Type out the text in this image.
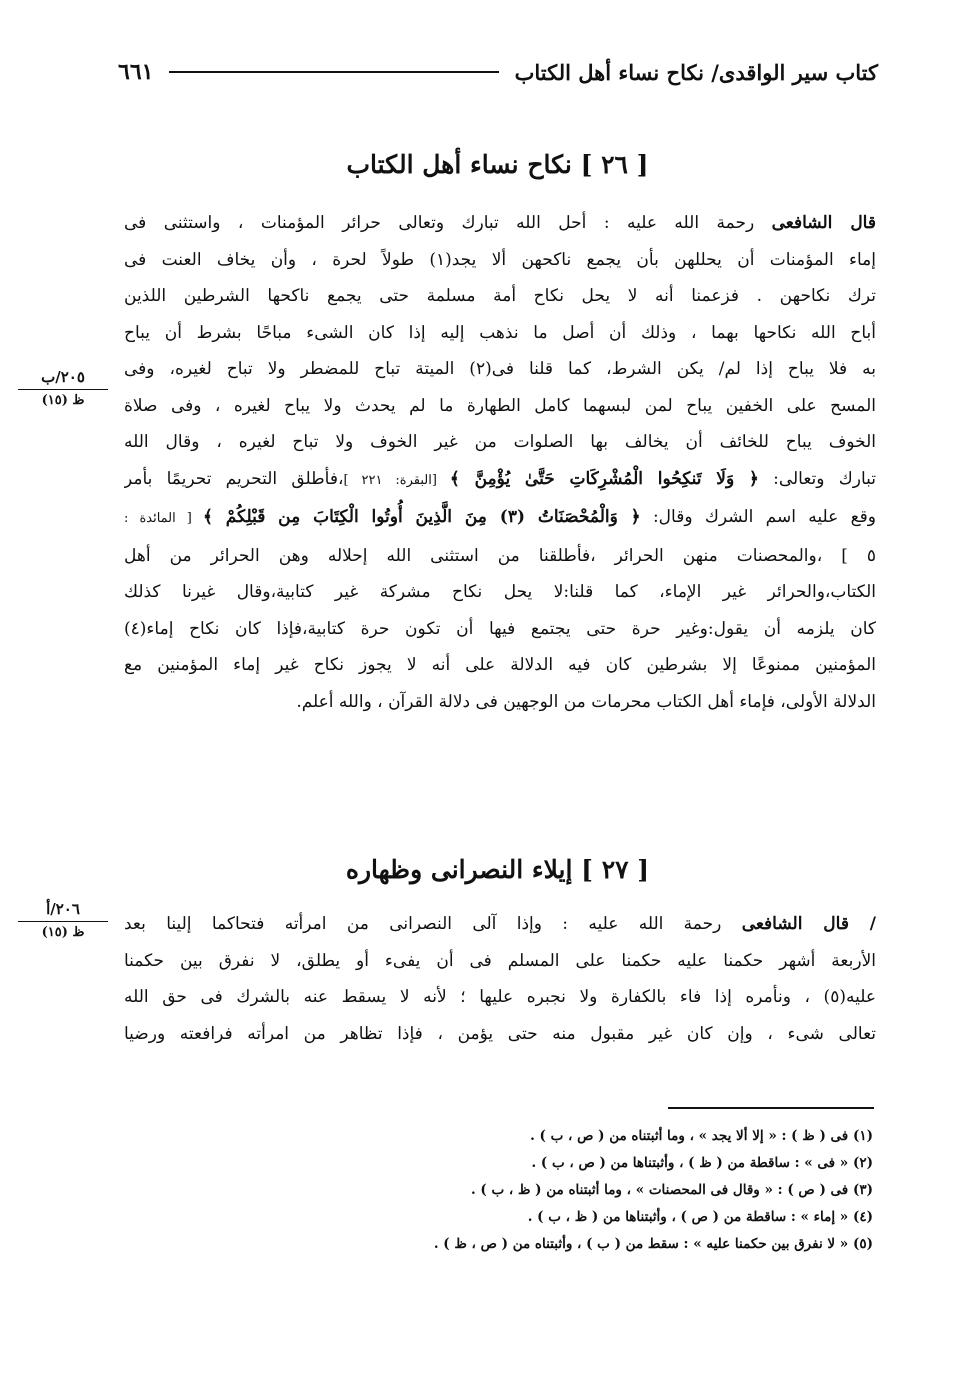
كتاب سير الواقدى/ نكاح نساء أهل الكتاب
٦٦١
[ ٢٦ ] نكاح نساء أهل الكتاب
قال الشافعى رحمة الله عليه : أحل الله تبارك وتعالى حرائر المؤمنات ، واستثنى فى
إماء المؤمنات أن يحللهن بأن يجمع ناكحهن ألا يجد(١) طولاً لحرة ، وأن يخاف العنت فى
ترك نكاحهن . فزعمنا أنه لا يحل نكاح أمة مسلمة حتى يجمع ناكحها الشرطين اللذين
أباح الله نكاحها بهما ، وذلك أن أصل ما نذهب إليه إذا كان الشىء مباحًا بشرط أن يباح
به فلا يباح إذا لم/ يكن الشرط، كما قلنا فى(٢) الميتة تباح للمضطر ولا تباح لغيره، وفى
المسح على الخفين يباح لمن لبسهما كامل الطهارة ما لم يحدث ولا يباح لغيره ، وفى صلاة
الخوف يباح للخائف أن يخالف بها الصلوات من غير الخوف ولا تباح لغيره ، وقال الله
تبارك وتعالى: ﴿ وَلَا تَنكِحُوا الْمُشْرِكَاتِ حَتَّىٰ يُؤْمِنَّ ﴾ [البقرة: ٢٢١ ]،فأطلق التحريم تحريمًا بأمر
وقع عليه اسم الشرك وقال: ﴿ وَالْمُحْصَنَاتُ (٣) مِنَ الَّذِينَ أُوتُوا الْكِتَابَ مِن قَبْلِكُمْ ﴾ [ المائدة :
٥ ] ،والمحصنات منهن الحرائر ،فأطلقنا من استثنى الله إحلاله وهن الحرائر من أهل
الكتاب،والحرائر غير الإماء، كما قلنا:لا يحل نكاح مشركة غير كتابية،وقال غيرنا كذلك
كان يلزمه أن يقول:وغير حرة حتى يجتمع فيها أن تكون حرة كتابية،فإذا كان نكاح إماء(٤)
المؤمنين ممنوعًا إلا بشرطين كان فيه الدلالة على أنه لا يجوز نكاح غير إماء المؤمنين مع
الدلالة الأولى، فإماء أهل الكتاب محرمات من الوجهين فى دلالة القرآن ، والله أعلم.
٢٠٥/ب
ظ (١٥)
[ ٢٧ ] إيلاء النصرانى وظهاره
٢٠٦/أ
ظ (١٥)	/ قال الشافعى رحمة الله عليه : وإذا آلى النصرانى من امرأته فتحاكما إلينا بعد
الأربعة أشهر حكمنا عليه حكمنا على المسلم فى أن يفىء أو يطلق، لا نفرق بين حكمنا
عليه(٥) ، ونأمره إذا فاء بالكفارة ولا نجبره عليها ؛ لأنه لا يسقط عنه بالشرك فى حق الله
تعالى شىء ، وإن كان غير مقبول منه حتى يؤمن ، فإذا تظاهر من امرأته فرافعته ورضيا
(١) فى ( ظ ) : « إلا ألا يجد » ، وما أثبتناه من ( ص ، ب ) .
(٢) « فى » : ساقطة من ( ظ ) ، وأثبتناها من ( ص ، ب ) .
(٣) فى ( ص ) : « وقال فى المحصنات » ، وما أثبتناه من ( ظ ، ب ) .
(٤) « إماء » : ساقطة من ( ص ) ، وأثبتناها من ( ظ ، ب ) .
(٥) « لا نفرق بين حكمنا عليه » : سقط من ( ب ) ، وأثبتناه من ( ص ، ظ ) .
